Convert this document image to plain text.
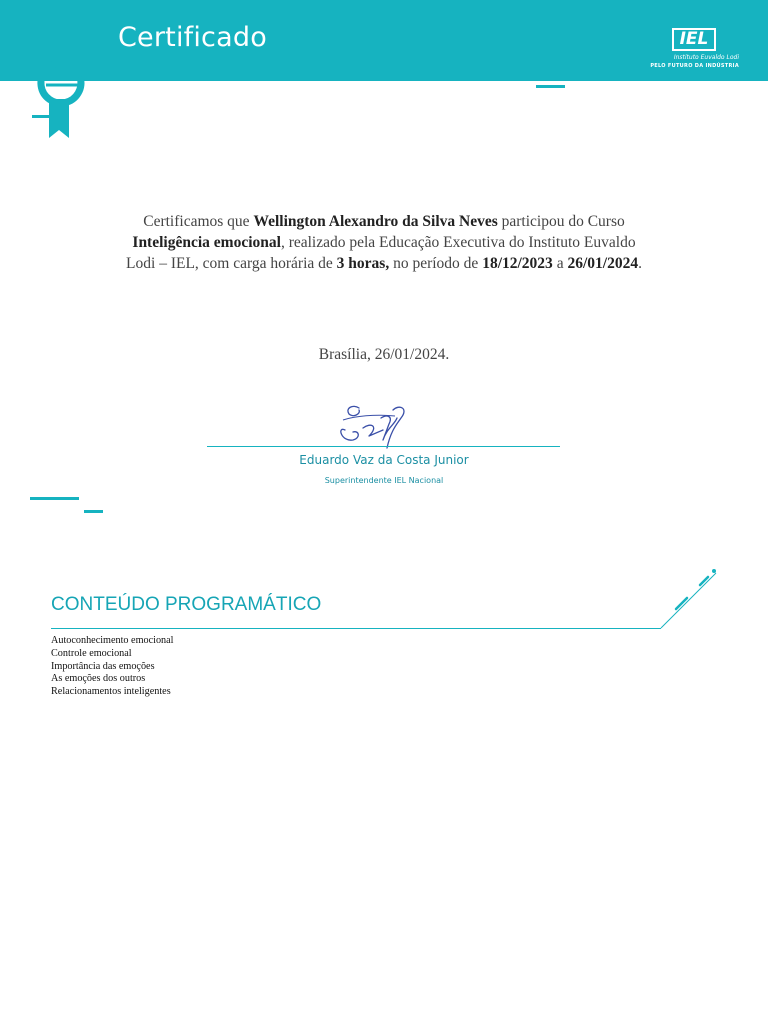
Certificado	IEL
Instituto Euvaldo Lodi
PELO FUTURO DA INDÚSTRIA
Certificamos que Wellington Alexandro da Silva Neves participou do Curso Inteligência emocional, realizado pela Educação Executiva do Instituto Euvaldo Lodi – IEL, com carga horária de 3 horas, no período de 18/12/2023 a 26/01/2024.
Brasília, 26/01/2024.
Eduardo Vaz da Costa Junior
Superintendente IEL Nacional
CONTEÚDO PROGRAMÁTICO
Autoconhecimento emocional
Controle emocional
Importância das emoções
As emoções dos outros
Relacionamentos inteligentes
